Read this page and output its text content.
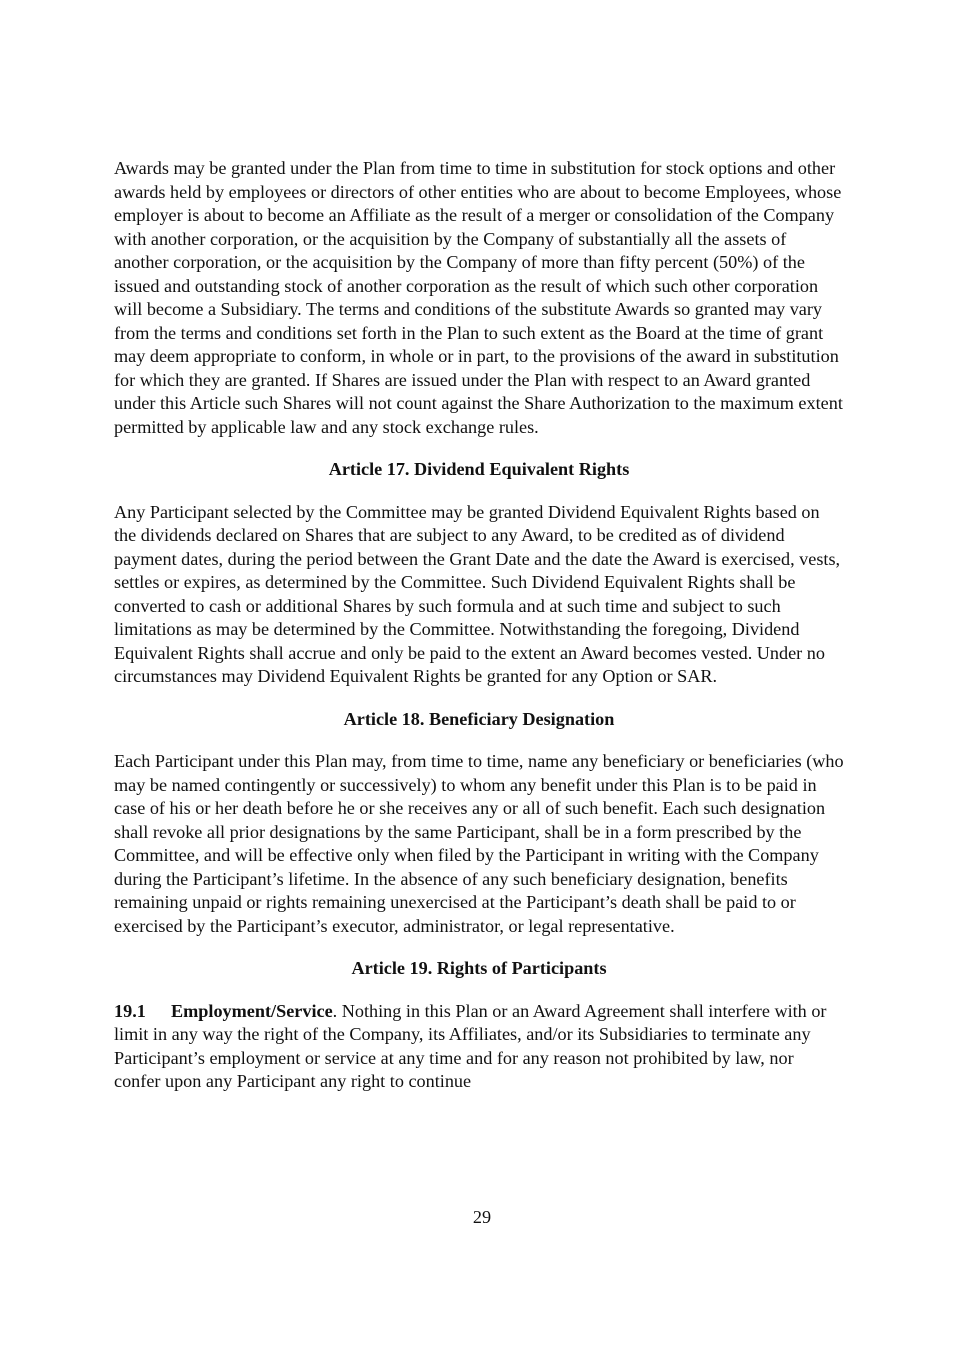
Awards may be granted under the Plan from time to time in substitution for stock options and other awards held by employees or directors of other entities who are about to become Employees, whose employer is about to become an Affiliate as the result of a merger or consolidation of the Company with another corporation, or the acquisition by the Company of substantially all the assets of another corporation, or the acquisition by the Company of more than fifty percent (50%) of the issued and outstanding stock of another corporation as the result of which such other corporation will become a Subsidiary. The terms and conditions of the substitute Awards so granted may vary from the terms and conditions set forth in the Plan to such extent as the Board at the time of grant may deem appropriate to conform, in whole or in part, to the provisions of the award in substitution for which they are granted. If Shares are issued under the Plan with respect to an Award granted under this Article such Shares will not count against the Share Authorization to the maximum extent permitted by applicable law and any stock exchange rules.

Article 17. Dividend Equivalent Rights

Any Participant selected by the Committee may be granted Dividend Equivalent Rights based on the dividends declared on Shares that are subject to any Award, to be credited as of dividend payment dates, during the period between the Grant Date and the date the Award is exercised, vests, settles or expires, as determined by the Committee. Such Dividend Equivalent Rights shall be converted to cash or additional Shares by such formula and at such time and subject to such limitations as may be determined by the Committee. Notwithstanding the foregoing, Dividend Equivalent Rights shall accrue and only be paid to the extent an Award becomes vested. Under no circumstances may Dividend Equivalent Rights be granted for any Option or SAR.

Article 18. Beneficiary Designation

Each Participant under this Plan may, from time to time, name any beneficiary or beneficiaries (who may be named contingently or successively) to whom any benefit under this Plan is to be paid in case of his or her death before he or she receives any or all of such benefit. Each such designation shall revoke all prior designations by the same Participant, shall be in a form prescribed by the Committee, and will be effective only when filed by the Participant in writing with the Company during the Participant’s lifetime. In the absence of any such beneficiary designation, benefits remaining unpaid or rights remaining unexercised at the Participant’s death shall be paid to or exercised by the Participant’s executor, administrator, or legal representative.

Article 19. Rights of Participants

19.1 Employment/Service. Nothing in this Plan or an Award Agreement shall interfere with or limit in any way the right of the Company, its Affiliates, and/or its Subsidiaries to terminate any Participant’s employment or service at any time and for any reason not prohibited by law, nor confer upon any Participant any right to continue

29
